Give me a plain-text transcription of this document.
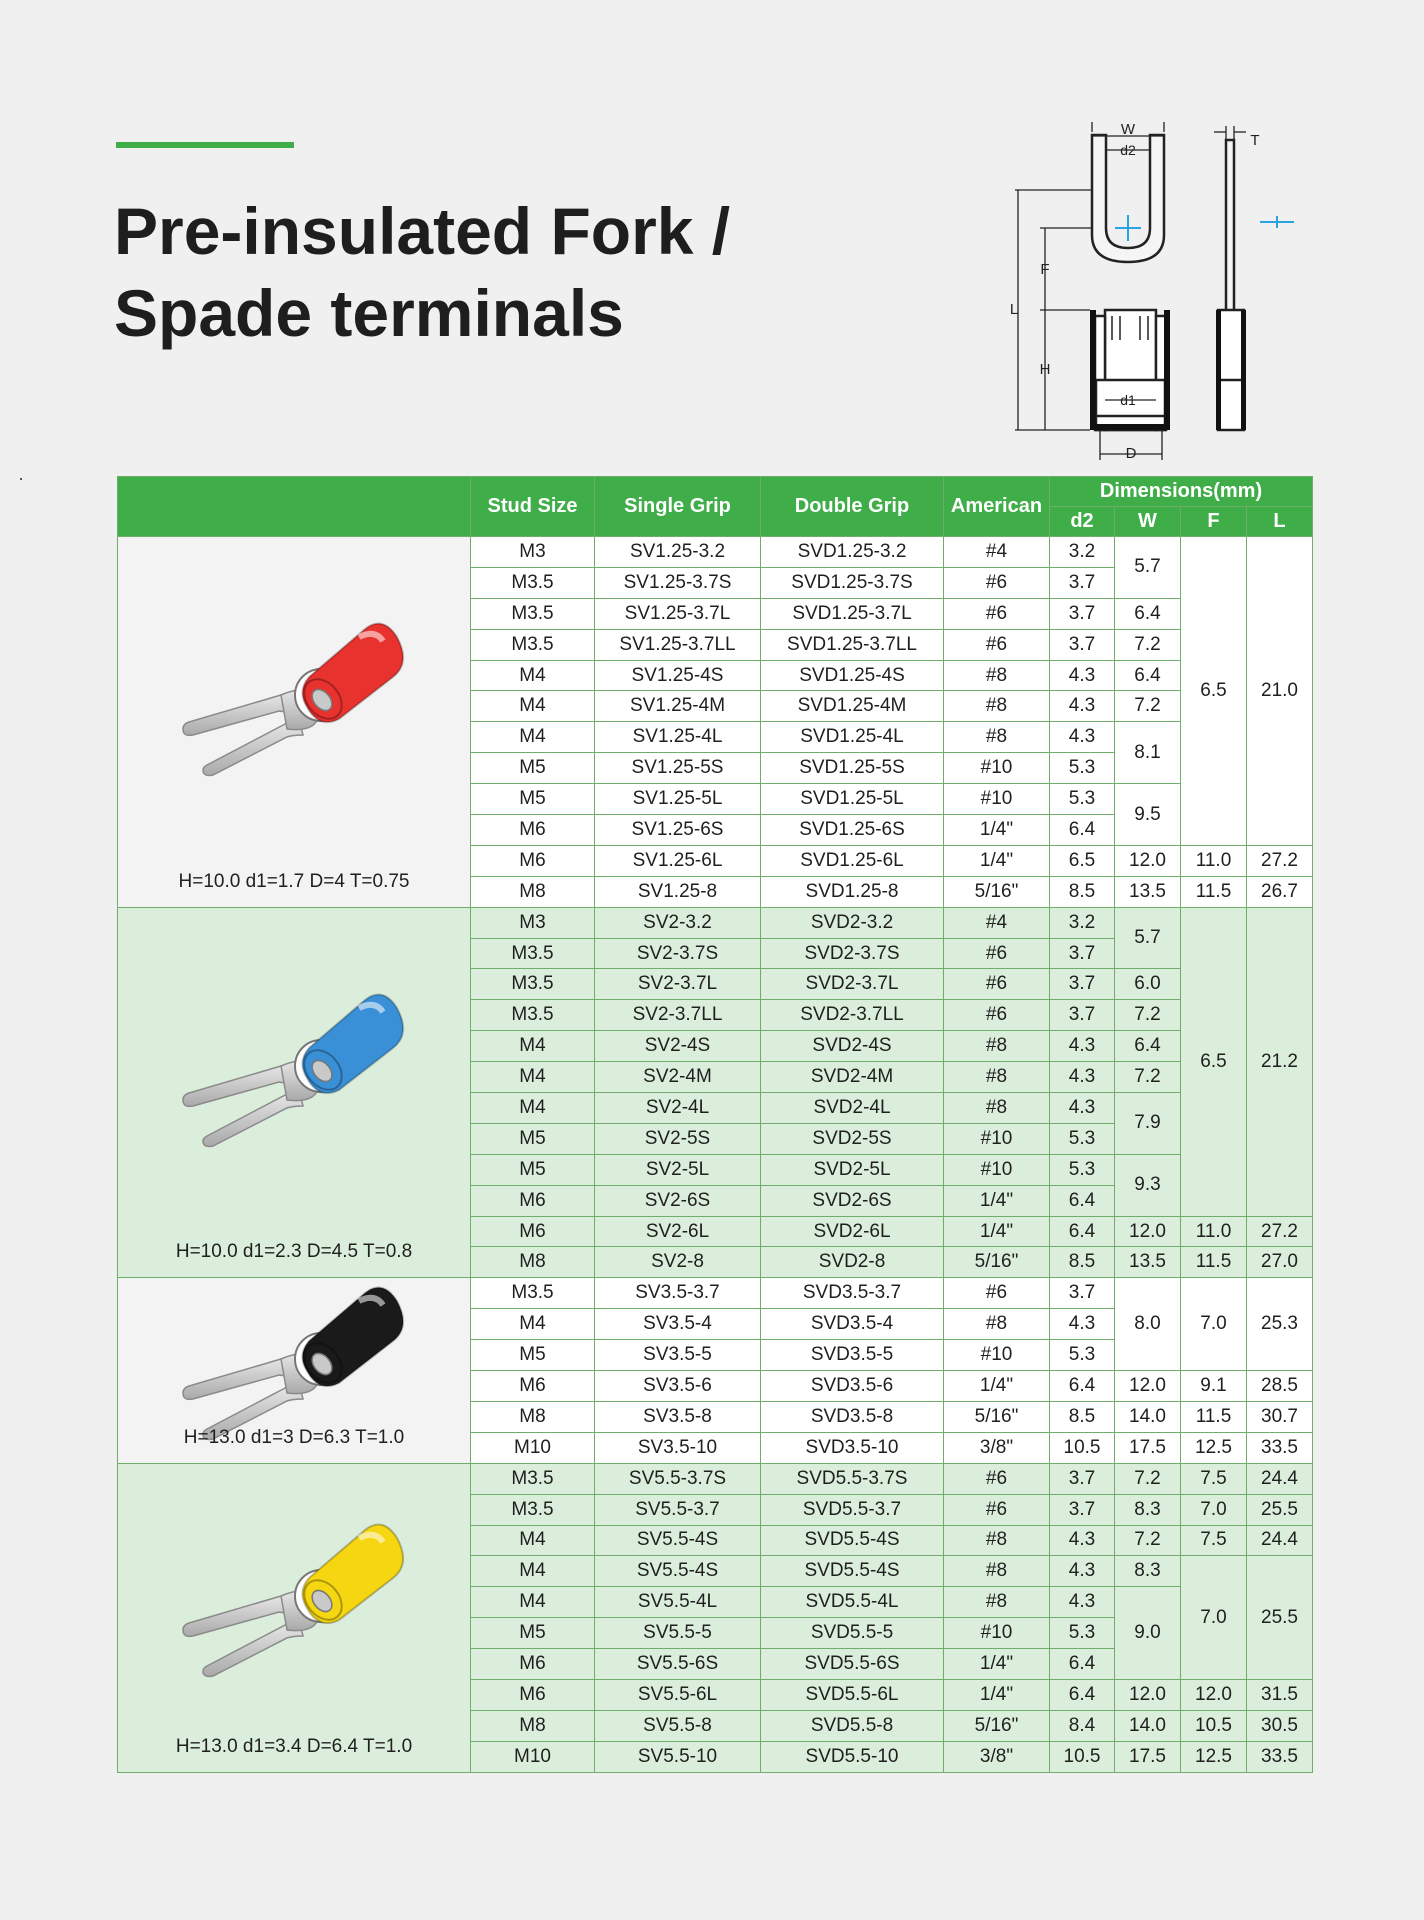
Pre-insulated Fork /
Spade terminals
W
d2
L
F
H
d1
D
T
	Stud Size	Single Grip	Double Grip	American	Dimensions(mm)			
					d2	W	F	L

H=10.0 d1=1.7 D=4 T=0.75	M3	SV1.25-3.2	SVD1.25-3.2	#4	3.2	5.7	6.5	21.0
	M3.5	SV1.25-3.7S	SVD1.25-3.7S	#6	3.7			
	M3.5	SV1.25-3.7L	SVD1.25-3.7L	#6	3.7	6.4		
	M3.5	SV1.25-3.7LL	SVD1.25-3.7LL	#6	3.7	7.2		
	M4	SV1.25-4S	SVD1.25-4S	#8	4.3	6.4		
	M4	SV1.25-4M	SVD1.25-4M	#8	4.3	7.2		
	M4	SV1.25-4L	SVD1.25-4L	#8	4.3	8.1		
	M5	SV1.25-5S	SVD1.25-5S	#10	5.3			
	M5	SV1.25-5L	SVD1.25-5L	#10	5.3	9.5		
	M6	SV1.25-6S	SVD1.25-6S	1/4"	6.4			
	M6	SV1.25-6L	SVD1.25-6L	1/4"	6.5	12.0	11.0	27.2
	M8	SV1.25-8	SVD1.25-8	5/16"	8.5	13.5	11.5	26.7

H=10.0 d1=2.3 D=4.5 T=0.8	M3	SV2-3.2	SVD2-3.2	#4	3.2	5.7	6.5	21.2
	M3.5	SV2-3.7S	SVD2-3.7S	#6	3.7			
	M3.5	SV2-3.7L	SVD2-3.7L	#6	3.7	6.0		
	M3.5	SV2-3.7LL	SVD2-3.7LL	#6	3.7	7.2		
	M4	SV2-4S	SVD2-4S	#8	4.3	6.4		
	M4	SV2-4M	SVD2-4M	#8	4.3	7.2		
	M4	SV2-4L	SVD2-4L	#8	4.3	7.9		
	M5	SV2-5S	SVD2-5S	#10	5.3			
	M5	SV2-5L	SVD2-5L	#10	5.3	9.3		
	M6	SV2-6S	SVD2-6S	1/4"	6.4			
	M6	SV2-6L	SVD2-6L	1/4"	6.4	12.0	11.0	27.2
	M8	SV2-8	SVD2-8	5/16"	8.5	13.5	11.5	27.0

H=13.0 d1=3 D=6.3 T=1.0	M3.5	SV3.5-3.7	SVD3.5-3.7	#6	3.7	8.0	7.0	25.3
	M4	SV3.5-4	SVD3.5-4	#8	4.3			
	M5	SV3.5-5	SVD3.5-5	#10	5.3			
	M6	SV3.5-6	SVD3.5-6	1/4"	6.4	12.0	9.1	28.5
	M8	SV3.5-8	SVD3.5-8	5/16"	8.5	14.0	11.5	30.7
	M10	SV3.5-10	SVD3.5-10	3/8"	10.5	17.5	12.5	33.5

H=13.0 d1=3.4 D=6.4 T=1.0	M3.5	SV5.5-3.7S	SVD5.5-3.7S	#6	3.7	7.2	7.5	24.4
	M3.5	SV5.5-3.7	SVD5.5-3.7	#6	3.7	8.3	7.0	25.5
	M4	SV5.5-4S	SVD5.5-4S	#8	4.3	7.2	7.5	24.4
	M4	SV5.5-4S	SVD5.5-4S	#8	4.3	8.3	7.0	25.5
	M4	SV5.5-4L	SVD5.5-4L	#8	4.3	9.0		
	M5	SV5.5-5	SVD5.5-5	#10	5.3			
	M6	SV5.5-6S	SVD5.5-6S	1/4"	6.4			
	M6	SV5.5-6L	SVD5.5-6L	1/4"	6.4	12.0	12.0	31.5
	M8	SV5.5-8	SVD5.5-8	5/16"	8.4	14.0	10.5	30.5
	M10	SV5.5-10	SVD5.5-10	3/8"	10.5	17.5	12.5	33.5
